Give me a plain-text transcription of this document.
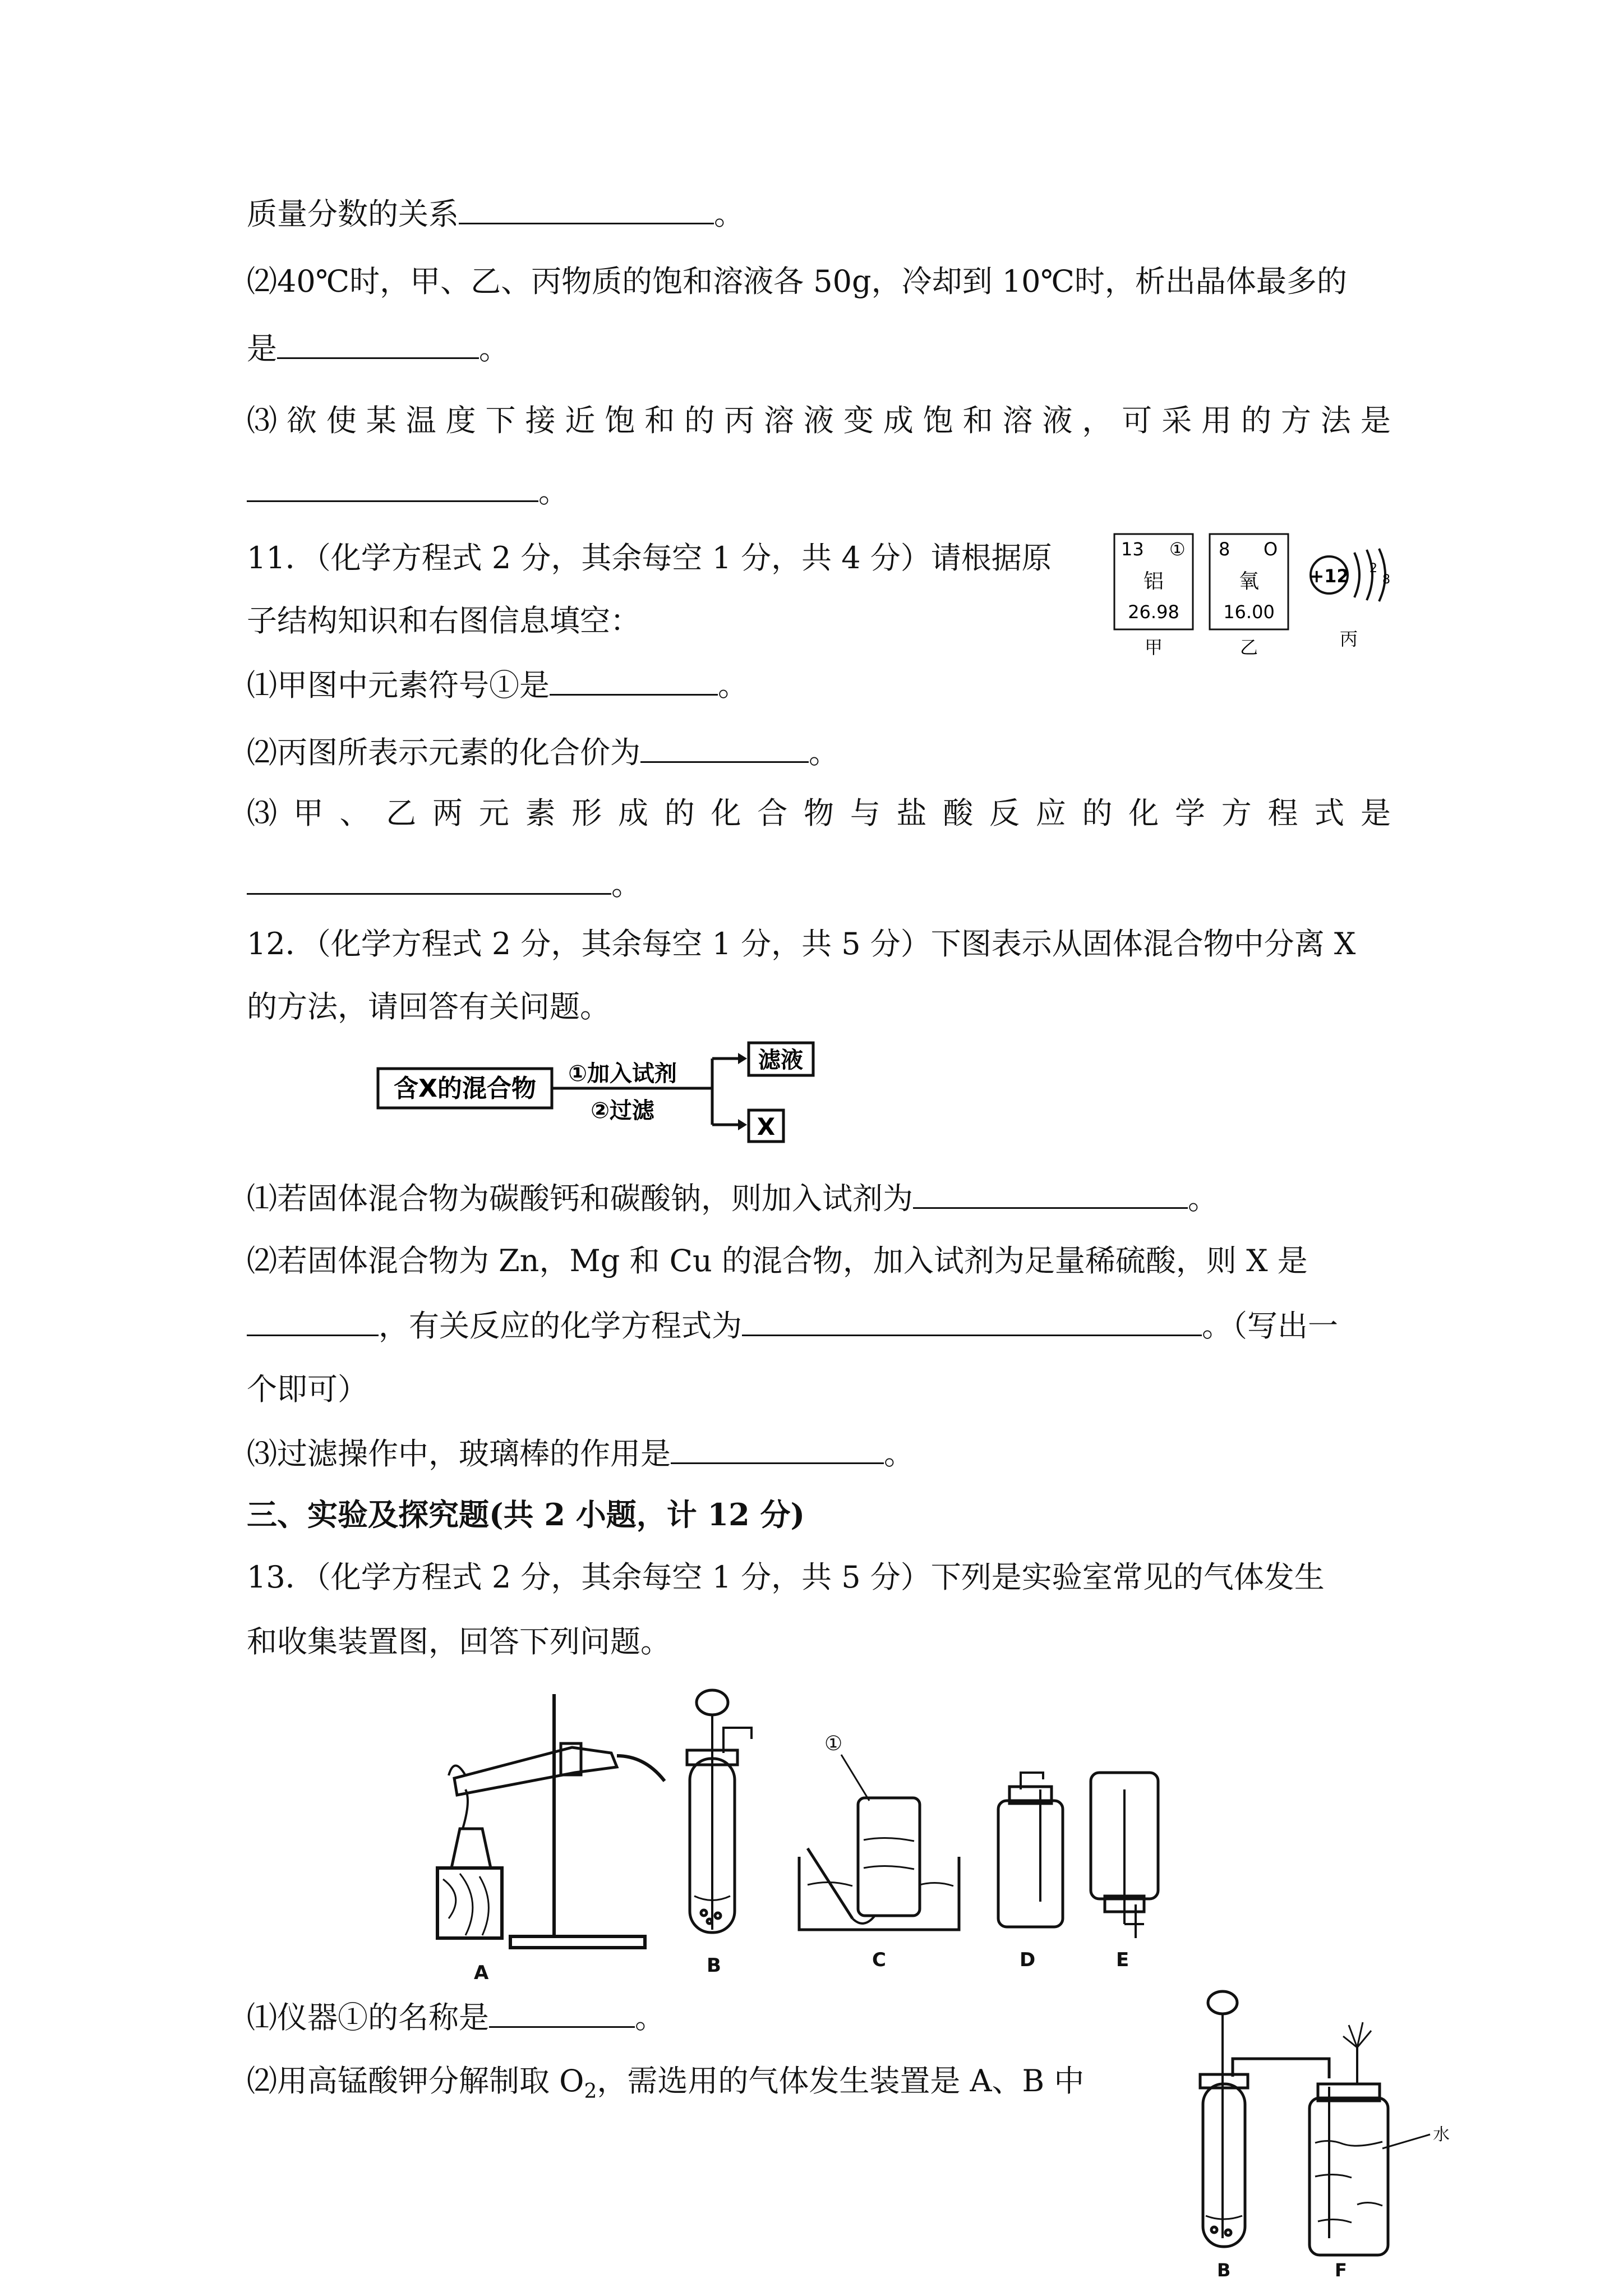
质量分数的关系	。
⑵40℃时，甲、乙、丙物质的饱和溶液各 50g，冷却到 10℃时，析出晶体最多的
是	。
⑶ 欲 使 某 温 度 下 接 近 饱 和 的 丙 溶 液 变 成 饱 和 溶 液 ， 可 采 用 的 方 法 是
。
11．（化学方程式 2 分，其余每空 1 分，共 4 分）请根据原
子结构知识和右图信息填空：
⑴甲图中元素符号①是	。
⑵丙图所表示元素的化合价为	。
⑶ 甲 、 乙 两 元 素 形 成 的 化 合 物 与 盐 酸 反 应 的 化 学 方 程 式 是
。
13 ①
铝
26.98
甲
8 O
氧
16.00
乙
+12 2
8
丙
12．（化学方程式 2 分，其余每空 1 分，共 5 分）下图表示从固体混合物中分离 X
的方法，请回答有关问题。
含X的混合物
①加入试剂
②过滤
滤液
X
⑴若固体混合物为碳酸钙和碳酸钠，则加入试剂为	。
⑵若固体混合物为 Zn，Mg 和 Cu 的混合物，加入试剂为足量稀硫酸，则 X 是
，有关反应的化学方程式为	。（写出一
个即可）
⑶过滤操作中，玻璃棒的作用是	。
三、实验及探究题(共 2 小题，计 12 分)
13．（化学方程式 2 分，其余每空 1 分，共 5 分）下列是实验室常见的气体发生
和收集装置图，回答下列问题。
A	B
①
C	D	E
⑴仪器①的名称是	。
⑵用高锰酸钾分解制取 $O_2$，需选用的气体发生装置是 A、B 中
B
水
F
